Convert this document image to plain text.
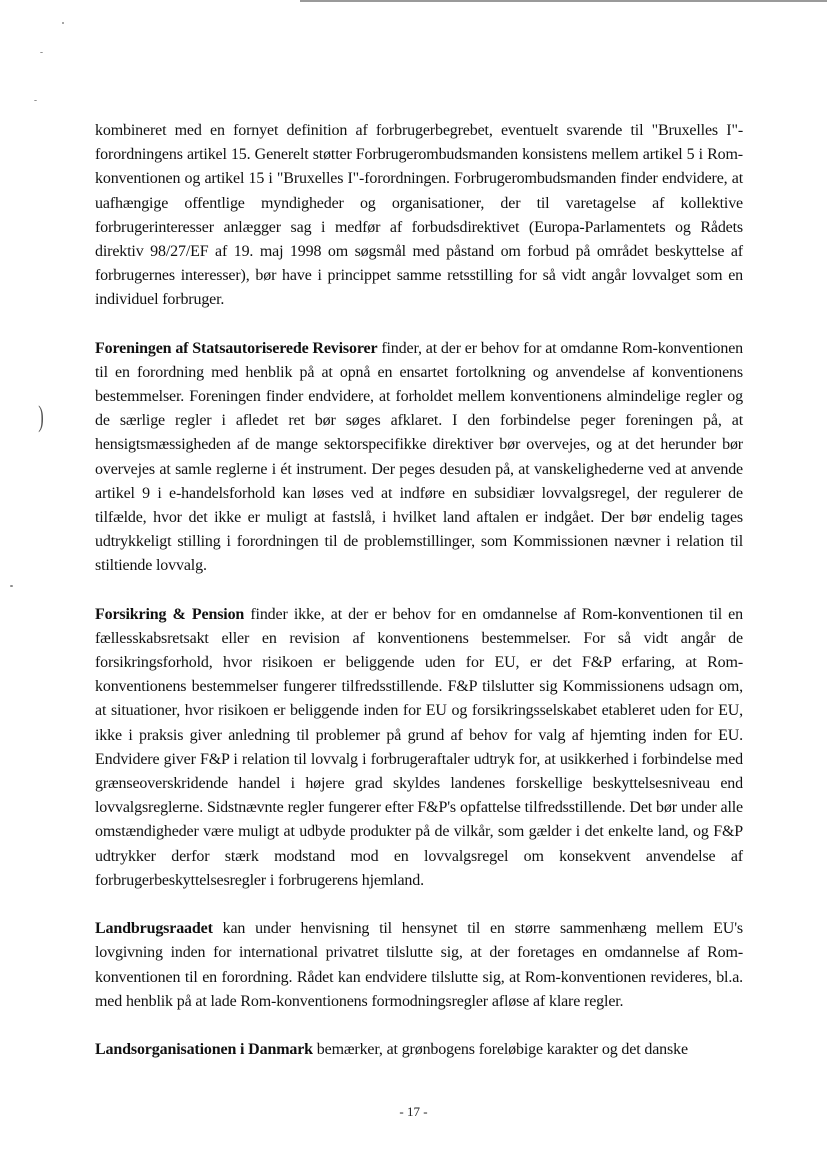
)

kombineret med en fornyet definition af forbrugerbegrebet, eventuelt svarende til "Bruxelles I"-forordningens artikel 15. Generelt støtter Forbrugerombudsmanden konsistens mellem artikel 5 i Rom-konventionen og artikel 15 i "Bruxelles I"-forordningen. Forbrugerombudsmanden finder endvidere, at uafhængige offentlige myndigheder og organisationer, der til varetagelse af kollektive forbrugerinteresser anlægger sag i medfør af forbudsdirektivet (Europa-Parlamentets og Rådets direktiv 98/27/EF af 19. maj 1998 om søgsmål med påstand om forbud på området beskyttelse af forbrugernes interesser), bør have i princippet samme retsstilling for så vidt angår lovvalget som en individuel forbruger.

Foreningen af Statsautoriserede Revisorer finder, at der er behov for at omdanne Rom-konventionen til en forordning med henblik på at opnå en ensartet fortolkning og anvendelse af konventionens bestemmelser. Foreningen finder endvidere, at forholdet mellem konventionens almindelige regler og de særlige regler i afledet ret bør søges afklaret. I den forbindelse peger foreningen på, at hensigtsmæssigheden af de mange sektorspecifikke direktiver bør overvejes, og at det herunder bør overvejes at samle reglerne i ét instrument. Der peges desuden på, at vanskelighederne ved at anvende artikel 9 i e-handelsforhold kan løses ved at indføre en subsidiær lovvalgsregel, der regulerer de tilfælde, hvor det ikke er muligt at fastslå, i hvilket land aftalen er indgået. Der bør endelig tages udtrykkeligt stilling i forordningen til de problemstillinger, som Kommissionen nævner i relation til stiltiende lovvalg.

Forsikring & Pension finder ikke, at der er behov for en omdannelse af Rom-konventionen til en fællesskabsretsakt eller en revision af konventionens bestemmelser. For så vidt angår de forsikringsforhold, hvor risikoen er beliggende uden for EU, er det F&P erfaring, at Rom-konventionens bestemmelser fungerer tilfredsstillende. F&P tilslutter sig Kommissionens udsagn om, at situationer, hvor risikoen er beliggende inden for EU og forsikringsselskabet etableret uden for EU, ikke i praksis giver anledning til problemer på grund af behov for valg af hjemting inden for EU. Endvidere giver F&P i relation til lovvalg i forbrugeraftaler udtryk for, at usikkerhed i forbindelse med grænseoverskridende handel i højere grad skyldes landenes forskellige beskyttelsesniveau end lovvalgsreglerne. Sidstnævnte regler fungerer efter F&P's opfattelse tilfredsstillende. Det bør under alle omstændigheder være muligt at udbyde produkter på de vilkår, som gælder i det enkelte land, og F&P udtrykker derfor stærk modstand mod en lovvalgsregel om konsekvent anvendelse af forbrugerbeskyttelsesregler i forbrugerens hjemland.

Landbrugsraadet kan under henvisning til hensynet til en større sammenhæng mellem EU's lovgivning inden for international privatret tilslutte sig, at der foretages en omdannelse af Rom-konventionen til en forordning. Rådet kan endvidere tilslutte sig, at Rom-konventionen revideres, bl.a. med henblik på at lade Rom-konventionens formodningsregler afløse af klare regler.

Landsorganisationen i Danmark bemærker, at grønbogens foreløbige karakter og det danske

- 17 -
